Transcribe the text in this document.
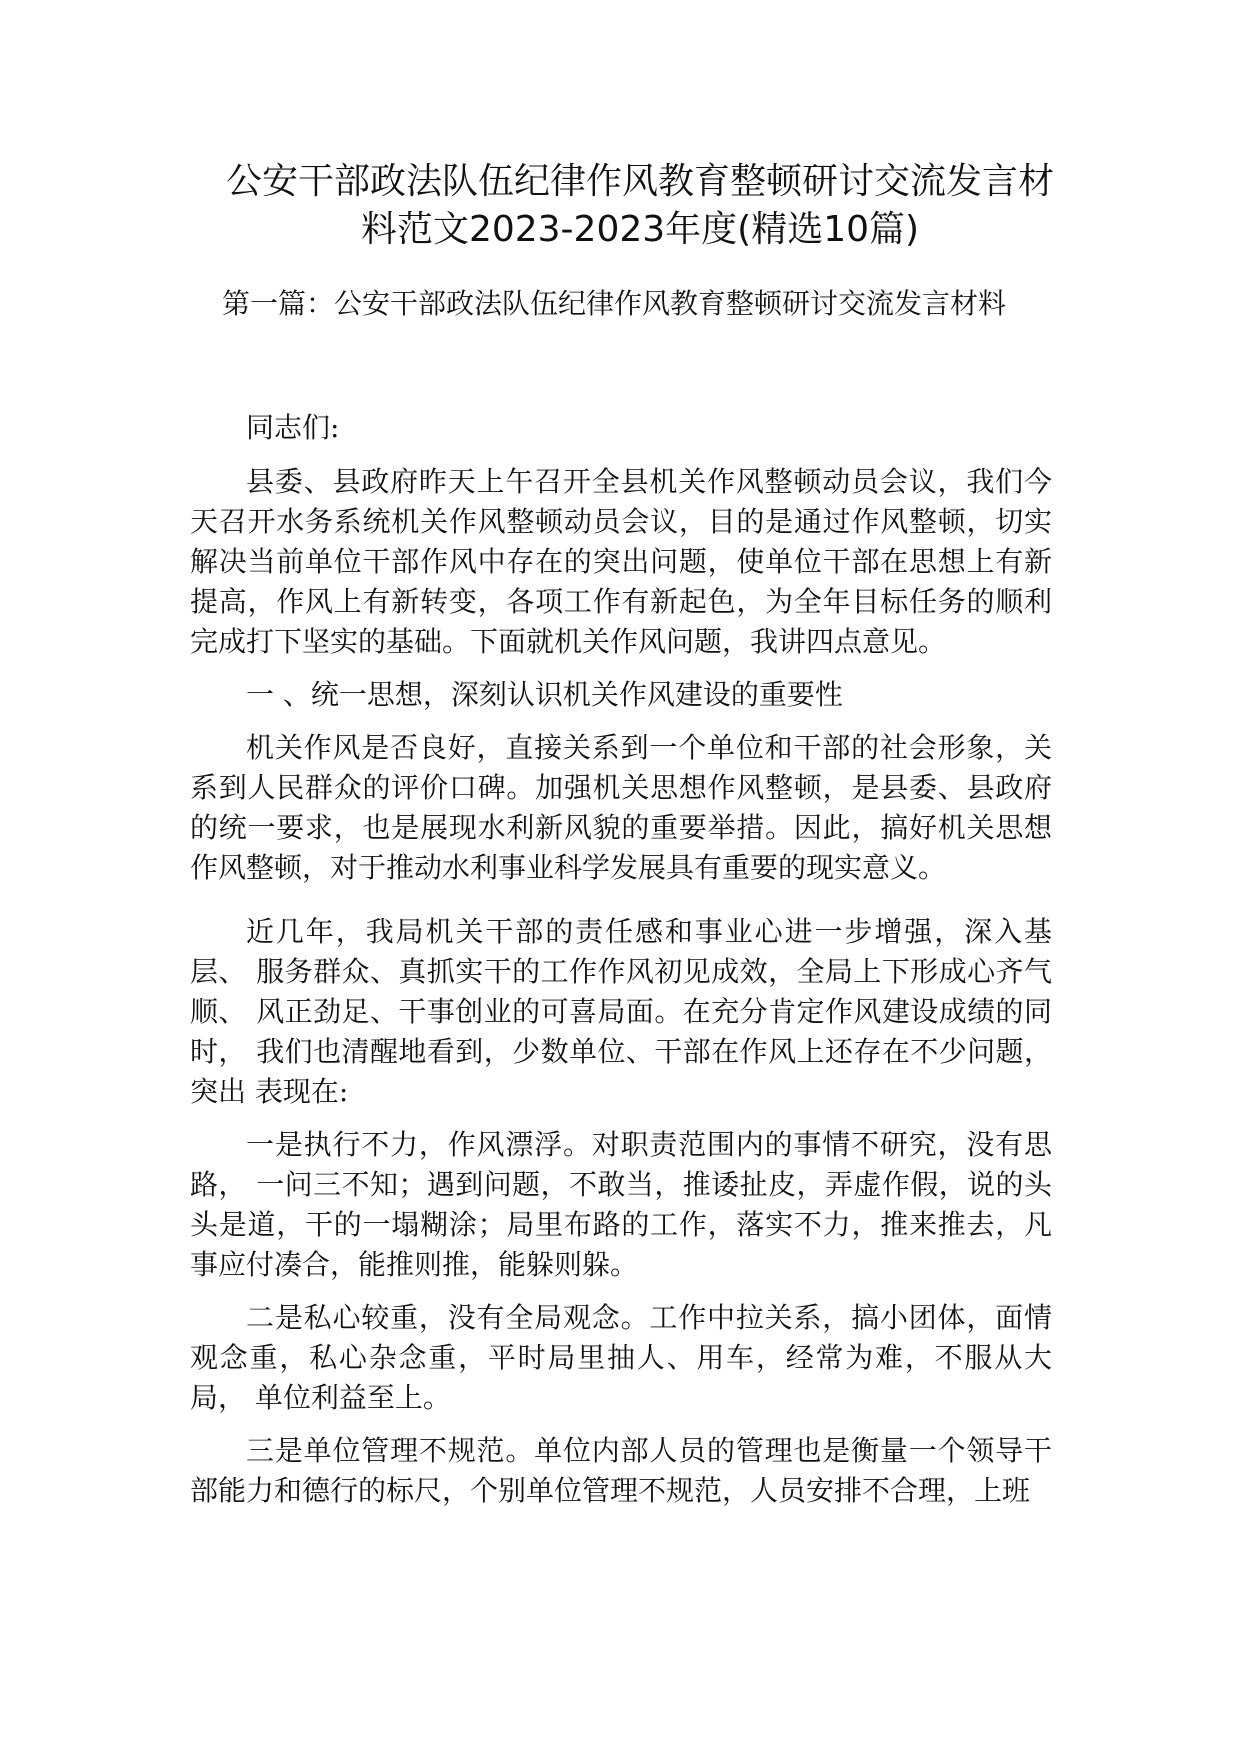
公安干部政法队伍纪律作风教育整顿研讨交流发言材
料范文2023-2023年度(精选10篇)
第一篇：公安干部政法队伍纪律作风教育整顿研讨交流发言材料

同志们:

县委、县政府昨天上午召开全县机关作风整顿动员会议，我们今 天召开水务系统机关作风整顿动员会议，目的是通过作风整顿，切实 解决当前单位干部作风中存在的突出问题，使单位干部在思想上有新 提高，作风上有新转变，各项工作有新起色，为全年目标任务的顺利 完成打下坚实的基础。下面就机关作风问题，我讲四点意见。

一 、统一思想，深刻认识机关作风建设的重要性

机关作风是否良好，直接关系到一个单位和干部的社会形象，关 系到人民群众的评价口碑。加强机关思想作风整顿，是县委、县政府 的统一要求，也是展现水利新风貌的重要举措。因此，搞好机关思想 作风整顿，对于推动水利事业科学发展具有重要的现实意义。

近几年，我局机关干部的责任感和事业心进一步增强，深入基层、 服务群众、真抓实干的工作作风初见成效，全局上下形成心齐气顺、 风正劲足、干事创业的可喜局面。在充分肯定作风建设成绩的同时， 我们也清醒地看到，少数单位、干部在作风上还存在不少问题，突出 表现在:

一是执行不力，作风漂浮。对职责范围内的事情不研究，没有思路， 一问三不知；遇到问题，不敢当，推诿扯皮，弄虚作假，说的头 头是道，干的一塌糊涂；局里布路的工作，落实不力，推来推去，凡 事应付凑合，能推则推，能躲则躲。

二是私心较重，没有全局观念。工作中拉关系，搞小团体，面情 观念重，私心杂念重，平时局里抽人、用车，经常为难，不服从大局， 单位利益至上。

三是单位管理不规范。单位内部人员的管理也是衡量一个领导干 部能力和德行的标尺，个别单位管理不规范，人员安排不合理，上班
